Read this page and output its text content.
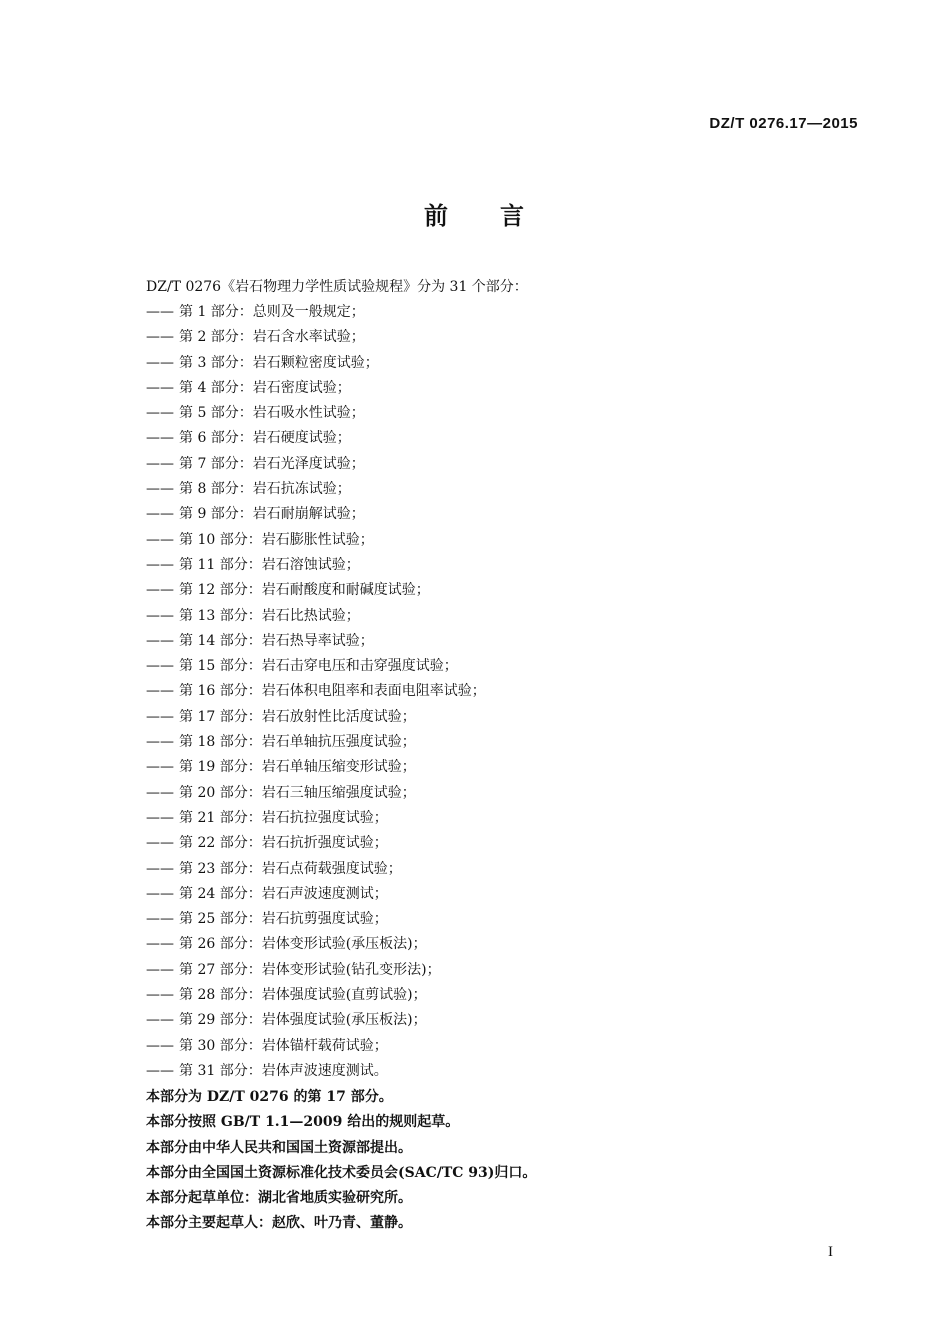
DZ/T 0276.17—2015
前 言
DZ/T 0276《岩石物理力学性质试验规程》分为 31 个部分：
—— 第 1 部分：总则及一般规定；
—— 第 2 部分：岩石含水率试验；
—— 第 3 部分：岩石颗粒密度试验；
—— 第 4 部分：岩石密度试验；
—— 第 5 部分：岩石吸水性试验；
—— 第 6 部分：岩石硬度试验；
—— 第 7 部分：岩石光泽度试验；
—— 第 8 部分：岩石抗冻试验；
—— 第 9 部分：岩石耐崩解试验；
—— 第 10 部分：岩石膨胀性试验；
—— 第 11 部分：岩石溶蚀试验；
—— 第 12 部分：岩石耐酸度和耐碱度试验；
—— 第 13 部分：岩石比热试验；
—— 第 14 部分：岩石热导率试验；
—— 第 15 部分：岩石击穿电压和击穿强度试验；
—— 第 16 部分：岩石体积电阻率和表面电阻率试验；
—— 第 17 部分：岩石放射性比活度试验；
—— 第 18 部分：岩石单轴抗压强度试验；
—— 第 19 部分：岩石单轴压缩变形试验；
—— 第 20 部分：岩石三轴压缩强度试验；
—— 第 21 部分：岩石抗拉强度试验；
—— 第 22 部分：岩石抗折强度试验；
—— 第 23 部分：岩石点荷载强度试验；
—— 第 24 部分：岩石声波速度测试；
—— 第 25 部分：岩石抗剪强度试验；
—— 第 26 部分：岩体变形试验(承压板法)；
—— 第 27 部分：岩体变形试验(钻孔变形法)；
—— 第 28 部分：岩体强度试验(直剪试验)；
—— 第 29 部分：岩体强度试验(承压板法)；
—— 第 30 部分：岩体锚杆载荷试验；
—— 第 31 部分：岩体声波速度测试。

本部分为 DZ/T 0276 的第 17 部分。

本部分按照 GB/T 1.1—2009 给出的规则起草。

本部分由中华人民共和国国土资源部提出。

本部分由全国国土资源标准化技术委员会(SAC/TC 93)归口。

本部分起草单位：湖北省地质实验研究所。

本部分主要起草人：赵欣、叶乃青、董静。

I
